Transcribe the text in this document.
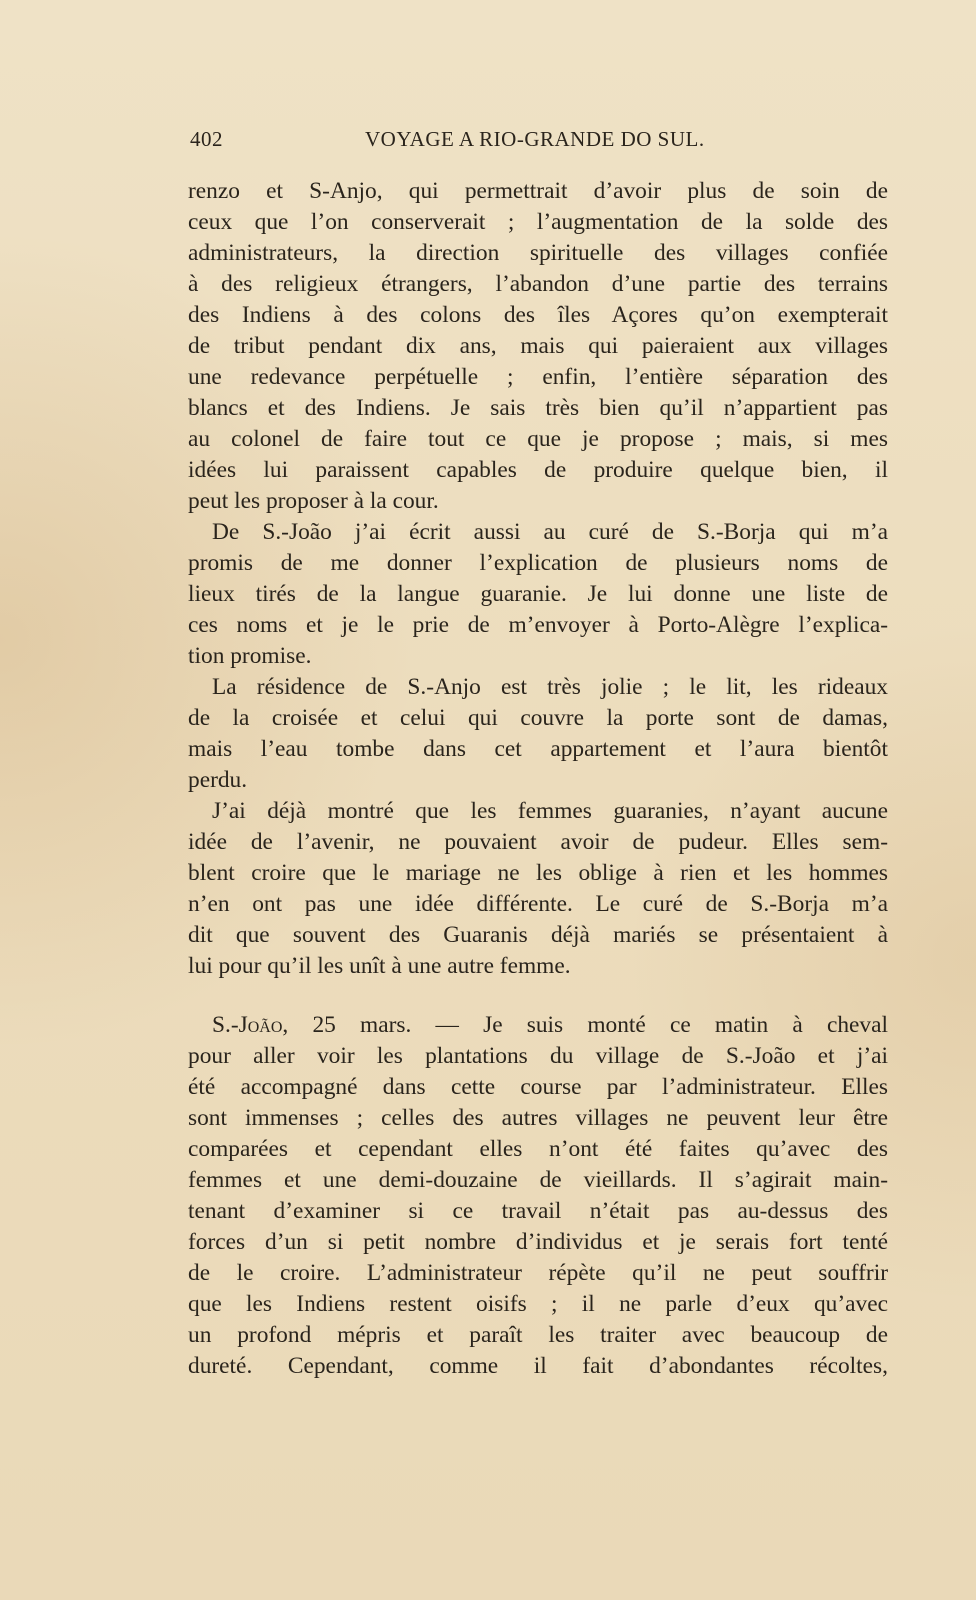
402	VOYAGE A RIO-GRANDE DO SUL.
renzo et S-Anjo, qui permettrait d’avoir plus de soin de
ceux que l’on conserverait ; l’augmentation de la solde des
administrateurs, la direction spirituelle des villages confiée
à des religieux étrangers, l’abandon d’une partie des terrains
des Indiens à des colons des îles Açores qu’on exempterait
de tribut pendant dix ans, mais qui paieraient aux villages
une redevance perpétuelle ; enfin, l’entière séparation des
blancs et des Indiens. Je sais très bien qu’il n’appartient pas
au colonel de faire tout ce que je propose ; mais, si mes
idées lui paraissent capables de produire quelque bien, il
peut les proposer à la cour.
De S.-João j’ai écrit aussi au curé de S.-Borja qui m’a
promis de me donner l’explication de plusieurs noms de
lieux tirés de la langue guaranie. Je lui donne une liste de
ces noms et je le prie de m’envoyer à Porto-Alègre l’explica-
tion promise.
La résidence de S.-Anjo est très jolie ; le lit, les rideaux
de la croisée et celui qui couvre la porte sont de damas,
mais l’eau tombe dans cet appartement et l’aura bientôt
perdu.
J’ai déjà montré que les femmes guaranies, n’ayant aucune
idée de l’avenir, ne pouvaient avoir de pudeur. Elles sem-
blent croire que le mariage ne les oblige à rien et les hommes
n’en ont pas une idée différente. Le curé de S.-Borja m’a
dit que souvent des Guaranis déjà mariés se présentaient à
lui pour qu’il les unît à une autre femme.
S.-João, 25 mars. — Je suis monté ce matin à cheval
pour aller voir les plantations du village de S.-João et j’ai
été accompagné dans cette course par l’administrateur. Elles
sont immenses ; celles des autres villages ne peuvent leur être
comparées et cependant elles n’ont été faites qu’avec des
femmes et une demi-douzaine de vieillards. Il s’agirait main-
tenant d’examiner si ce travail n’était pas au-dessus des
forces d’un si petit nombre d’individus et je serais fort tenté
de le croire. L’administrateur répète qu’il ne peut souffrir
que les Indiens restent oisifs ; il ne parle d’eux qu’avec
un profond mépris et paraît les traiter avec beaucoup de
dureté. Cependant, comme il fait d’abondantes récoltes,
